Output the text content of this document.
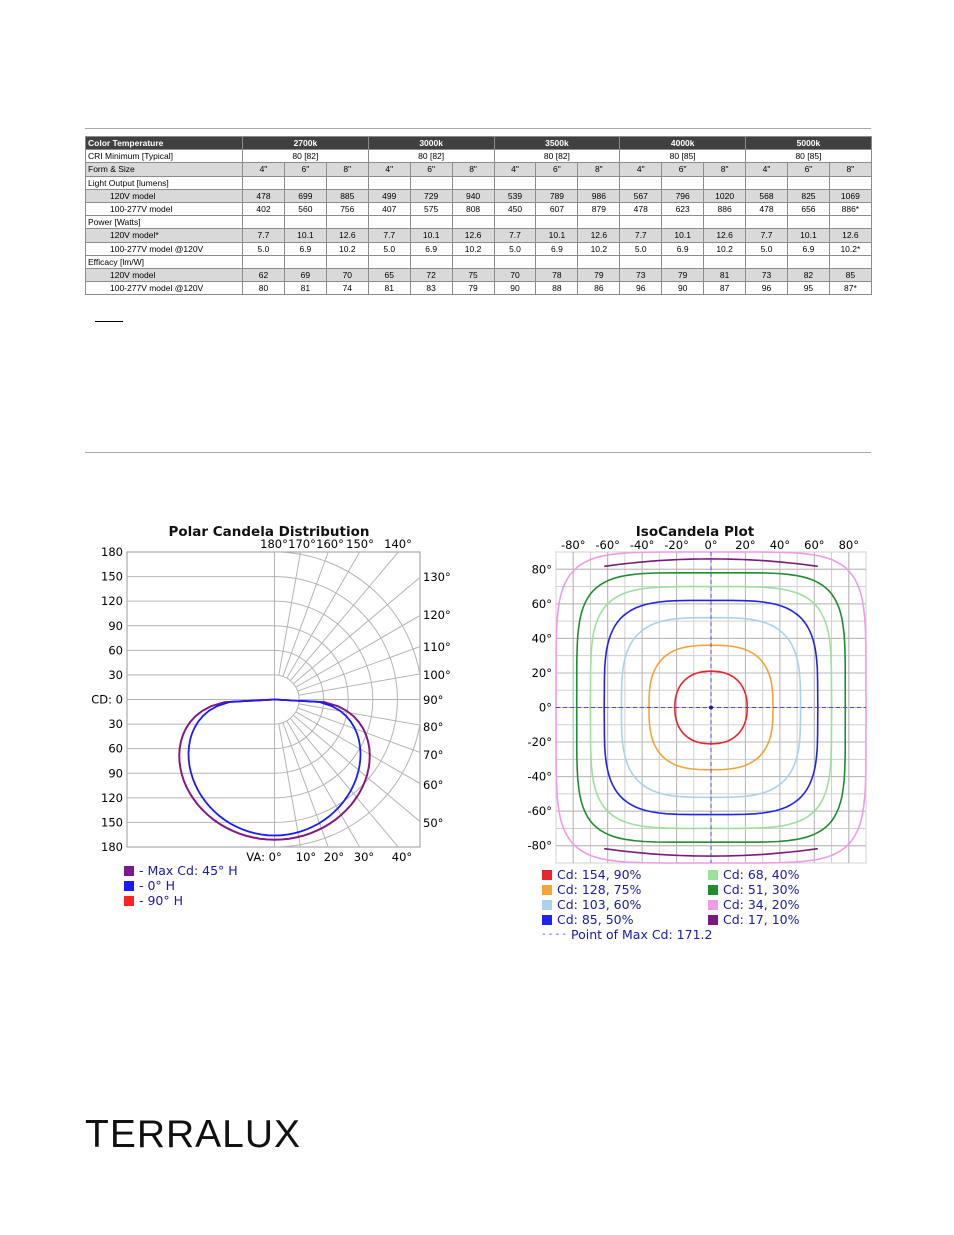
Color Temperature	2700k			3000k			3500k			4000k			5000k		
CRI Minimum [Typical]	80 [82]			80 [82]			80 [82]			80 [85]			80 [85]		
Form & Size	4"	6"	8"	4"	6"	8"	4"	6"	8"	4"	6"	8"	4"	6"	8"
Light Output [lumens]															
120V model	478	699	885	499	729	940	539	789	986	567	796	1020	568	825	1069
100-277V model	402	560	756	407	575	808	450	607	879	478	623	886	478	656	886*
Power [Watts]															
120V model*	7.7	10.1	12.6	7.7	10.1	12.6	7.7	10.1	12.6	7.7	10.1	12.6	7.7	10.1	12.6
100-277V model @120V	5.0	6.9	10.2	5.0	6.9	10.2	5.0	6.9	10.2	5.0	6.9	10.2	5.0	6.9	10.2*
Efficacy [lm/W]															
120V model	62	69	70	65	72	75	70	78	79	73	79	81	73	82	85
100-277V model @120V	80	81	74	81	83	79	90	88	86	96	90	87	96	95	87*
180
150
120
90
60
30
CD: 0
30
60
90
120
150
180
180° 170° 160° 150° 140°
130°
120°
110°
100°
90°
80°
70°
60°
50°
VA: 0° 10° 20° 30° 40°
Polar Candela Distribution
- Max Cd: 45° H
- 0° H
- 90° H
-80° -60° -40° -20° 0° 20° 40° 60° 80°
80°
60°
40°
20°
0°
-20°
-40°
-60°
-80°
IsoCandela Plot
Cd: 154, 90%	Cd: 68, 40%
Cd: 128, 75%	Cd: 51, 30%
Cd: 103, 60%	Cd: 34, 20%
Cd: 85, 50%	Cd: 17, 10%
- - - - Point of Max Cd: 171.2
TERRALUX
